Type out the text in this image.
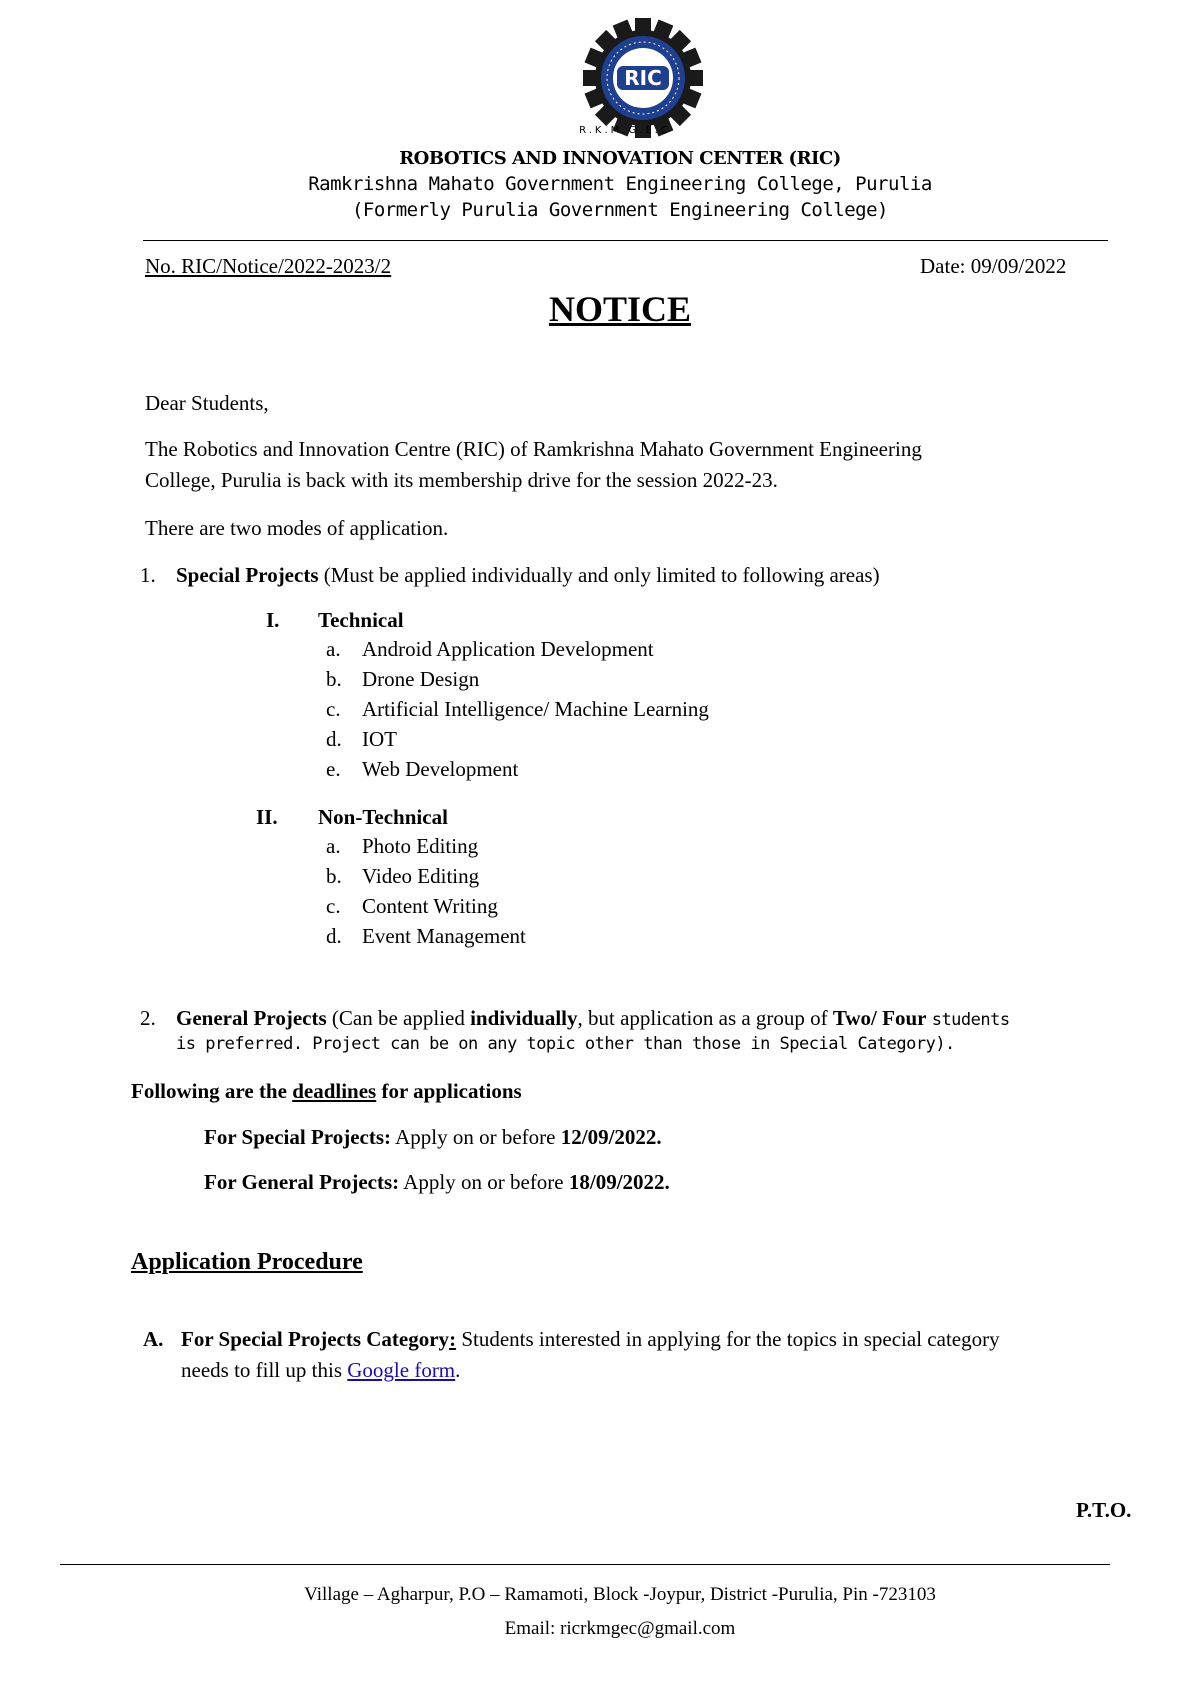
RIC
R.K.M.G.E.C
ROBOTICS AND INNOVATION CENTER (RIC)
Ramkrishna Mahato Government Engineering College, Purulia
(Formerly Purulia Government Engineering College)
No. RIC/Notice/2022-2023/2	Date: 09/09/2022
NOTICE
Dear Students,
The Robotics and Innovation Centre (RIC) of Ramkrishna Mahato Government Engineering
College, Purulia is back with its membership drive for the session 2022-23.
There are two modes of application.
1. Special Projects (Must be applied individually and only limited to following areas)
I. Technical
a.	Android Application Development
b. Drone Design
c.	Artificial Intelligence/ Machine Learning
d. IOT
e.	Web Development
II. Non-Technical
a.	Photo Editing
b. Video Editing
c.	Content Writing
d. Event Management
2. General Projects (Can be applied individually, but application as a group of Two/ Four students
is preferred. Project can be on any topic other than those in Special Category).
Following are the deadlines for applications
For Special Projects: Apply on or before 12/09/2022.
For General Projects: Apply on or before 18/09/2022.
Application Procedure
A. For Special Projects Category: Students interested in applying for the topics in special category
needs to fill up this Google form.
P.T.O.
Village – Agharpur, P.O – Ramamoti, Block -Joypur, District -Purulia, Pin -723103
Email: ricrkmgec@gmail.com
